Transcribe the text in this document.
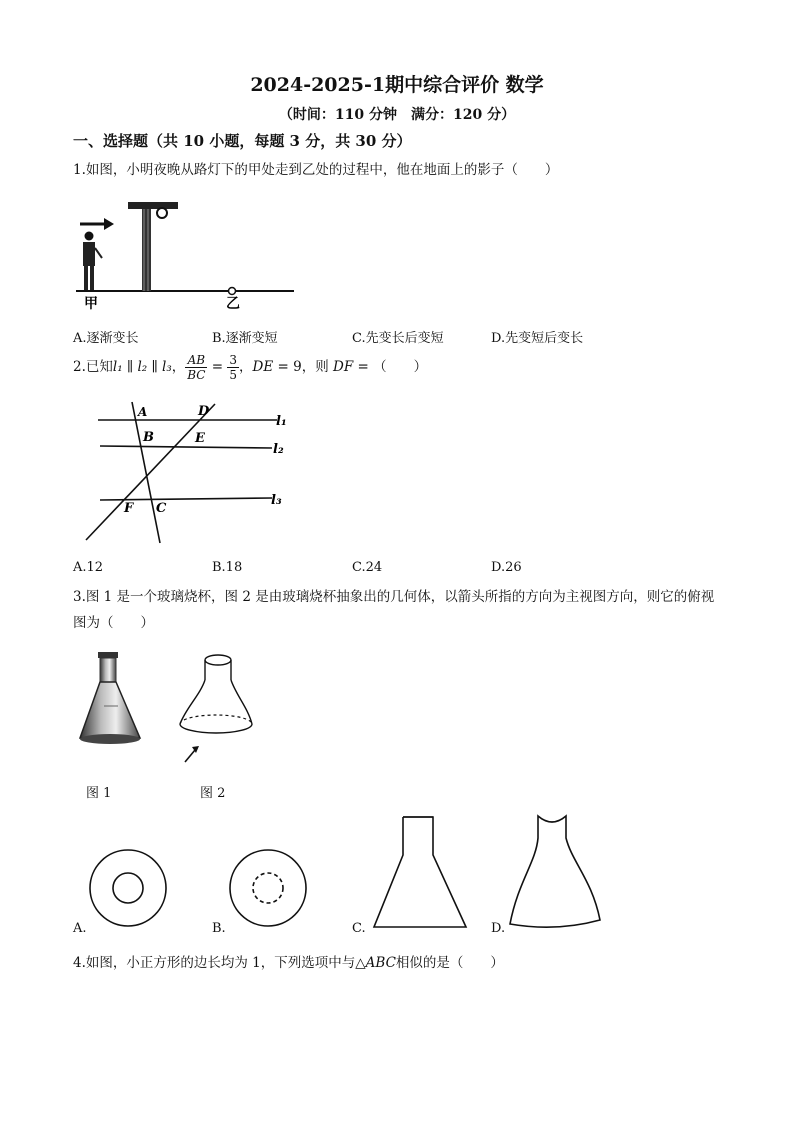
2024-2025-1期中综合评价 数学
（时间：110 分钟　满分：120 分）
一、选择题（共 10 小题，每题 3 分，共 30 分）
1.如图，小明夜晚从路灯下的甲处走到乙处的过程中，他在地面上的影子（　　）
甲	乙
A.逐渐变长	B.逐渐变短	C.先变长后变短	D.先变短后变长
2.已知l₁ ∥ l₂ ∥ l₃， $\frac{AB}{BC} = \frac{3}{5}$ ，DE = 9，则 DF = （　　）
A	D
B	E
F C
l₁
l₂
l₃
A.12	B.18	C.24	D.26
3.图 1 是一个玻璃烧杯，图 2 是由玻璃烧杯抽象出的几何体，以箭头所指的方向为主视图方向，则它的俯视
图为（　　）
图 1	图 2
A.	B.	C.	D.
4.如图，小正方形的边长均为 1，下列选项中与△ABC相似的是（　　）
